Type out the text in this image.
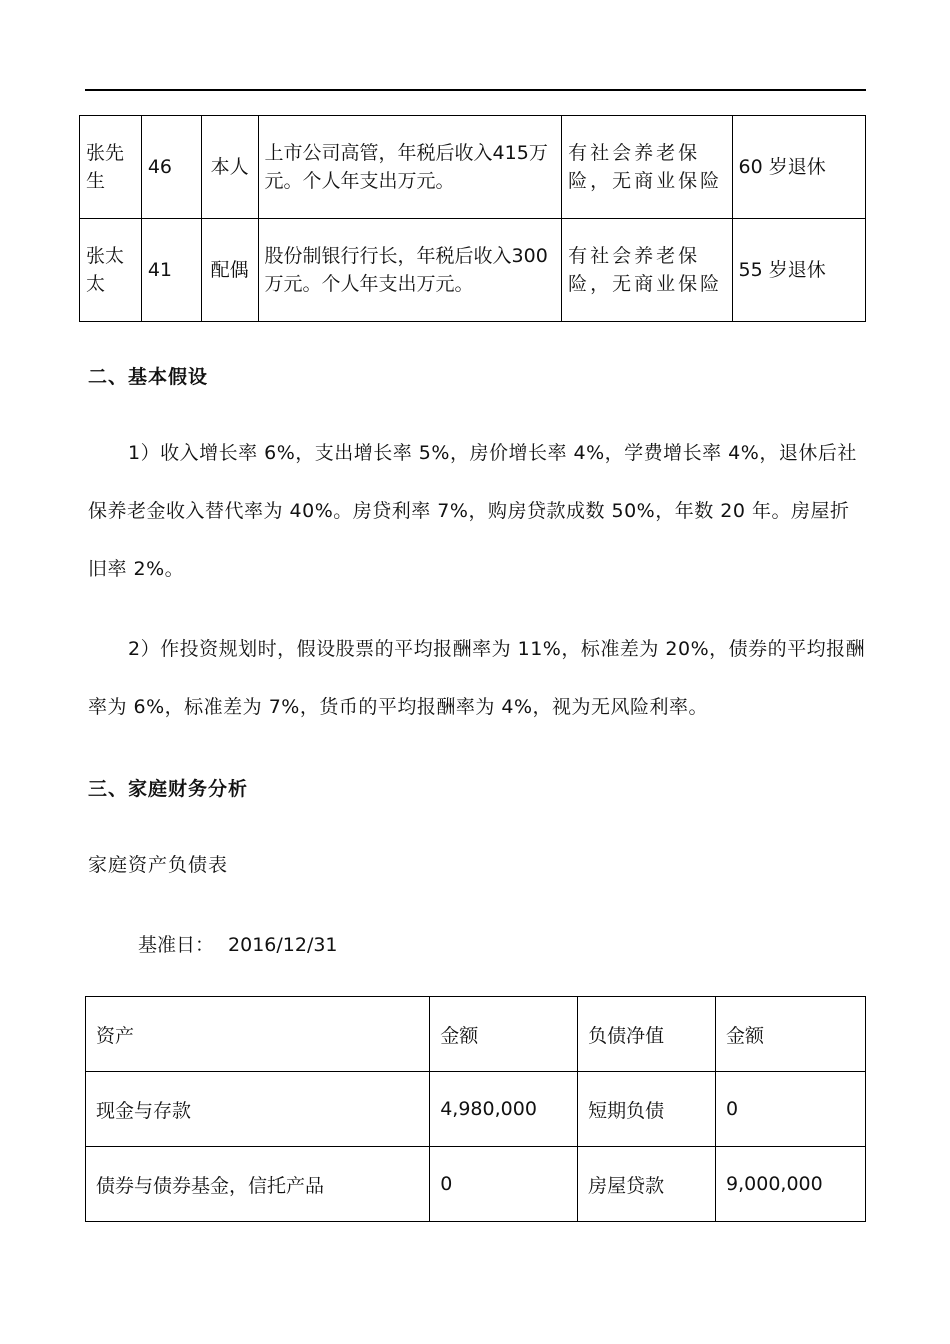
张先生	46	本人	上市公司高管，年税后收入415万元。个人年支出万元。	有社会养老保险，无商业保险	60 岁退休
张太太	41	配偶	股份制银行行长，年税后收入300万元。个人年支出万元。	有社会养老保险，无商业保险	55 岁退休
二、基本假设

1）收入增长率 6%，支出增长率 5%，房价增长率 4%，学费增长率 4%，退休后社保养老金收入替代率为 40%。房贷利率 7%，购房贷款成数 50%，年数 20 年。房屋折旧率 2%。

2）作投资规划时，假设股票的平均报酬率为 11%，标准差为 20%，债券的平均报酬率为 6%，标准差为 7%，货币的平均报酬率为 4%，视为无风险利率。

三、家庭财务分析
家庭资产负债表
基准日： 2016/12/31
资产	金额	负债净值	金额
现金与存款	4,980,000	短期负债	0
债券与债券基金，信托产品	0	房屋贷款	9,000,000
